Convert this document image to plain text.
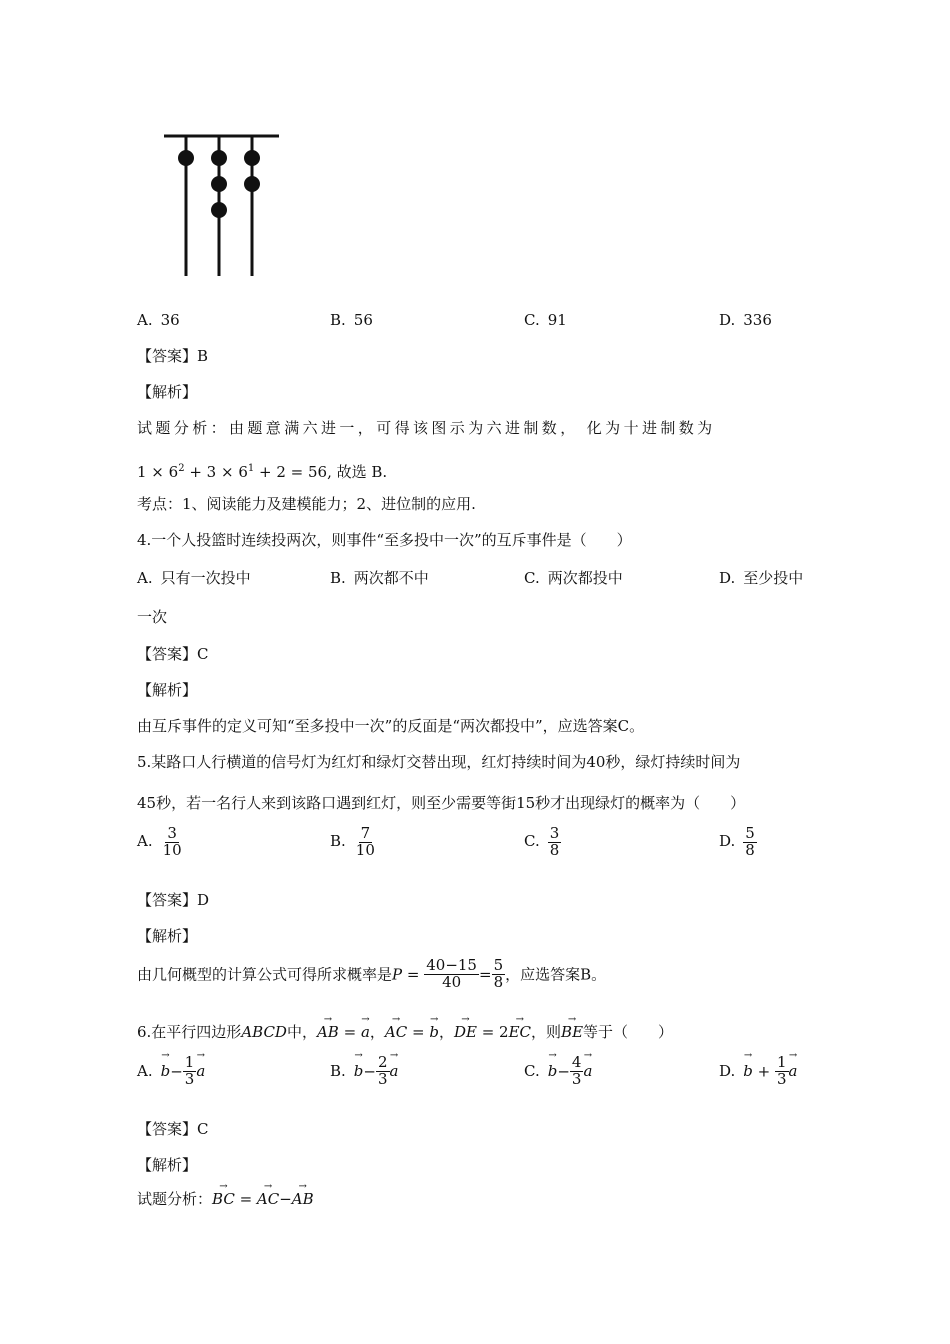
A. 36	B. 56	C. 91	D. 336
【答案】B
【解析】
试题分析：由题意满六进一，可得该图示为六进制数， 化为十进制数为
$1 \times 6^2 + 3 \times 6^1 + 2 = 56$, 故选 B.
考点：1、阅读能力及建模能力；2、进位制的应用.
4.一个人投篮时连续投两次，则事件“至多投中一次”的互斥事件是（　　）
A. 只有一次投中	B. 两次都不中	C. 两次都投中	D. 至少投中
一次
【答案】C
【解析】
由互斥事件的定义可知“至多投中一次”的反面是“两次都投中”，应选答案C。
5.某路口人行横道的信号灯为红灯和绿灯交替出现，红灯持续时间为40秒，绿灯持续时间为
45秒，若一名行人来到该路口遇到红灯，则至少需要等街15秒才出现绿灯的概率为（　　）
A. $\frac{3}{10}$	B. $\frac{7}{10}$	C. $\frac{3}{8}$	D. $\frac{5}{8}$
【答案】D
【解析】
由几何概型的计算公式可得所求概率是$P = \frac{40-15}{40} = \frac{5}{8}$ ，应选答案B。
6.在平行四边形ABCD中，→ AB = → a，→ AC = → b，→ DE = 2→ EC，则→ BE等于（　　）
$A.\to b- \frac{1}{3}$
→ a	$B.\to b- \frac{2}{3}$
→ a	$C.\to b- \frac{4}{3}$
→ a	$D.\to b + \frac{1}{3}$
→ a
【答案】C
【解析】
试题分析：→ BC = → AC−→ AB
